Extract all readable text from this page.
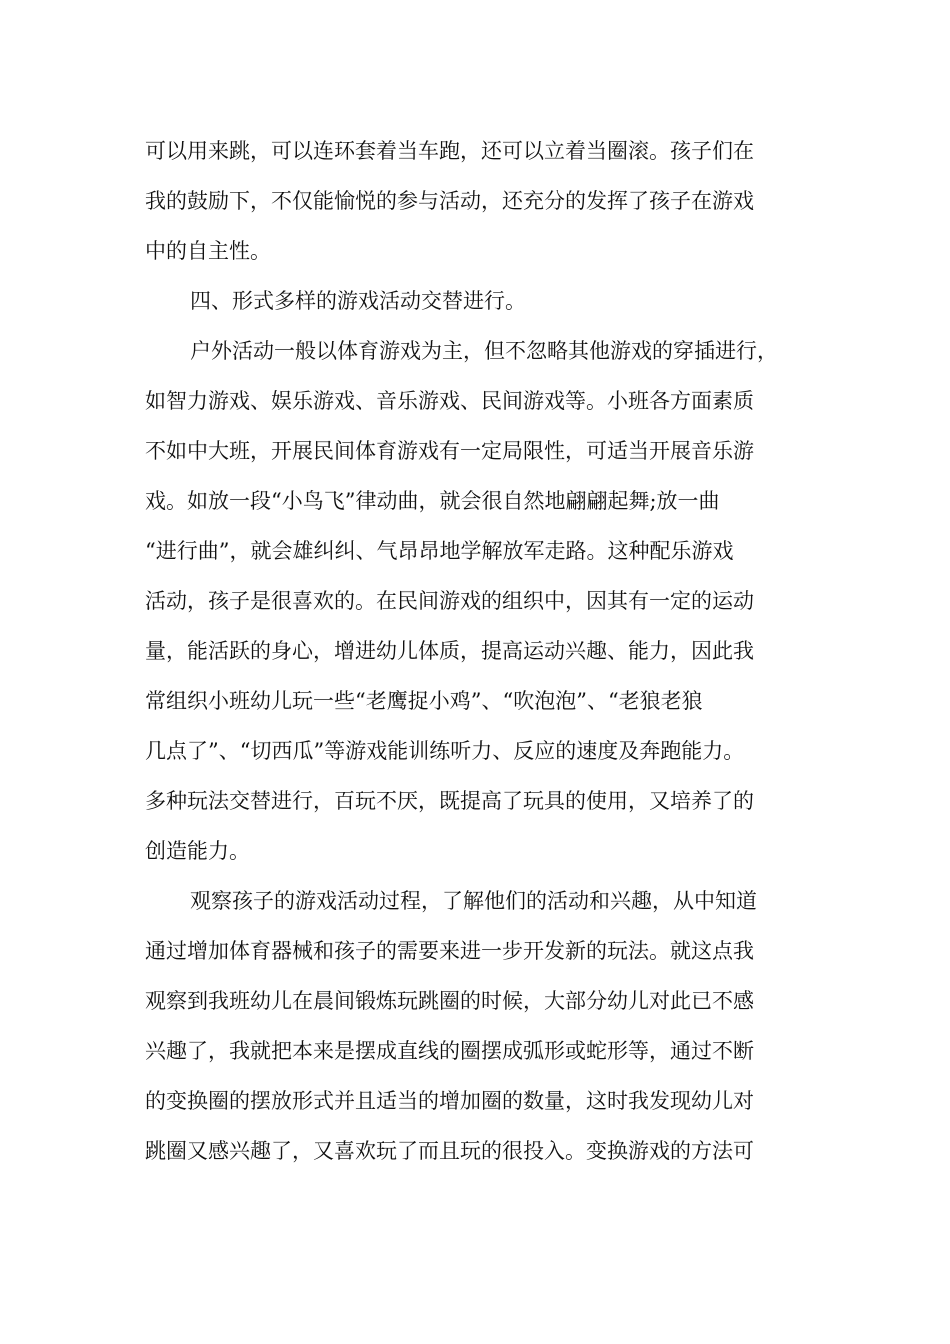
可以用来跳，可以连环套着当车跑，还可以立着当圈滚。孩子们在
我的鼓励下，不仅能愉悦的参与活动，还充分的发挥了孩子在游戏
中的自主性。
四、形式多样的游戏活动交替进行。
户外活动一般以体育游戏为主，但不忽略其他游戏的穿插进行，
如智力游戏、娱乐游戏、音乐游戏、民间游戏等。小班各方面素质
不如中大班，开展民间体育游戏有一定局限性，可适当开展音乐游
戏。如放一段“小鸟飞”律动曲，就会很自然地翩翩起舞;放一曲
“进行曲”，就会雄纠纠、气昂昂地学解放军走路。这种配乐游戏
活动，孩子是很喜欢的。在民间游戏的组织中，因其有一定的运动
量，能活跃的身心，增进幼儿体质，提高运动兴趣、能力，因此我
常组织小班幼儿玩一些“老鹰捉小鸡”、“吹泡泡”、“老狼老狼
几点了”、“切西瓜”等游戏能训练听力、反应的速度及奔跑能力。
多种玩法交替进行，百玩不厌，既提高了玩具的使用，又培养了的
创造能力。
观察孩子的游戏活动过程，了解他们的活动和兴趣，从中知道
通过增加体育器械和孩子的需要来进一步开发新的玩法。就这点我
观察到我班幼儿在晨间锻炼玩跳圈的时候，大部分幼儿对此已不感
兴趣了，我就把本来是摆成直线的圈摆成弧形或蛇形等，通过不断
的变换圈的摆放形式并且适当的增加圈的数量，这时我发现幼儿对
跳圈又感兴趣了，又喜欢玩了而且玩的很投入。变换游戏的方法可
